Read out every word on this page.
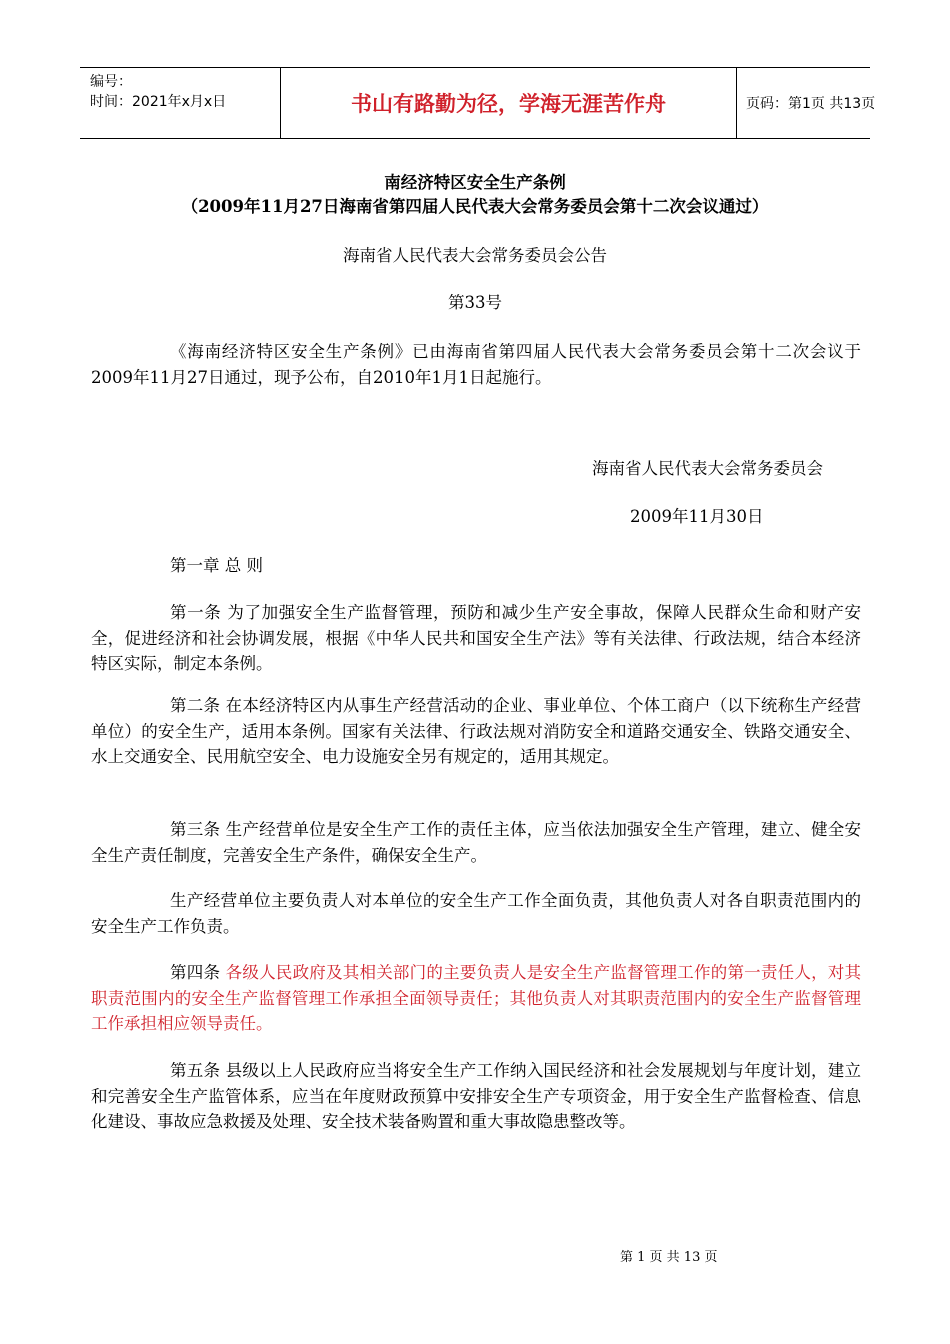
编号：
时间：2021年x月x日	书山有路勤为径，学海无涯苦作舟	页码：第1页 共13页
南经济特区安全生产条例
（2009年11月27日海南省第四届人民代表大会常务委员会第十二次会议通过）
海南省人民代表大会常务委员会公告
第33号
《海南经济特区安全生产条例》已由海南省第四届人民代表大会常务委员会第十二次会议于2009年11月27日通过，现予公布，自2010年1月1日起施行。
海南省人民代表大会常务委员会
2009年11月30日
第一章 总 则
第一条 为了加强安全生产监督管理，预防和减少生产安全事故，保障人民群众生命和财产安全，促进经济和社会协调发展，根据《中华人民共和国安全生产法》等有关法律、行政法规，结合本经济特区实际，制定本条例。
第二条 在本经济特区内从事生产经营活动的企业、事业单位、个体工商户（以下统称生产经营单位）的安全生产，适用本条例。国家有关法律、行政法规对消防安全和道路交通安全、铁路交通安全、水上交通安全、民用航空安全、电力设施安全另有规定的，适用其规定。
第三条 生产经营单位是安全生产工作的责任主体，应当依法加强安全生产管理，建立、健全安全生产责任制度，完善安全生产条件，确保安全生产。
生产经营单位主要负责人对本单位的安全生产工作全面负责，其他负责人对各自职责范围内的安全生产工作负责。
第四条 各级人民政府及其相关部门的主要负责人是安全生产监督管理工作的第一责任人，对其职责范围内的安全生产监督管理工作承担全面领导责任；其他负责人对其职责范围内的安全生产监督管理工作承担相应领导责任。
第五条 县级以上人民政府应当将安全生产工作纳入国民经济和社会发展规划与年度计划，建立和完善安全生产监管体系，应当在年度财政预算中安排安全生产专项资金，用于安全生产监督检查、信息化建设、事故应急救援及处理、安全技术装备购置和重大事故隐患整改等。
第 1 页 共 13 页
